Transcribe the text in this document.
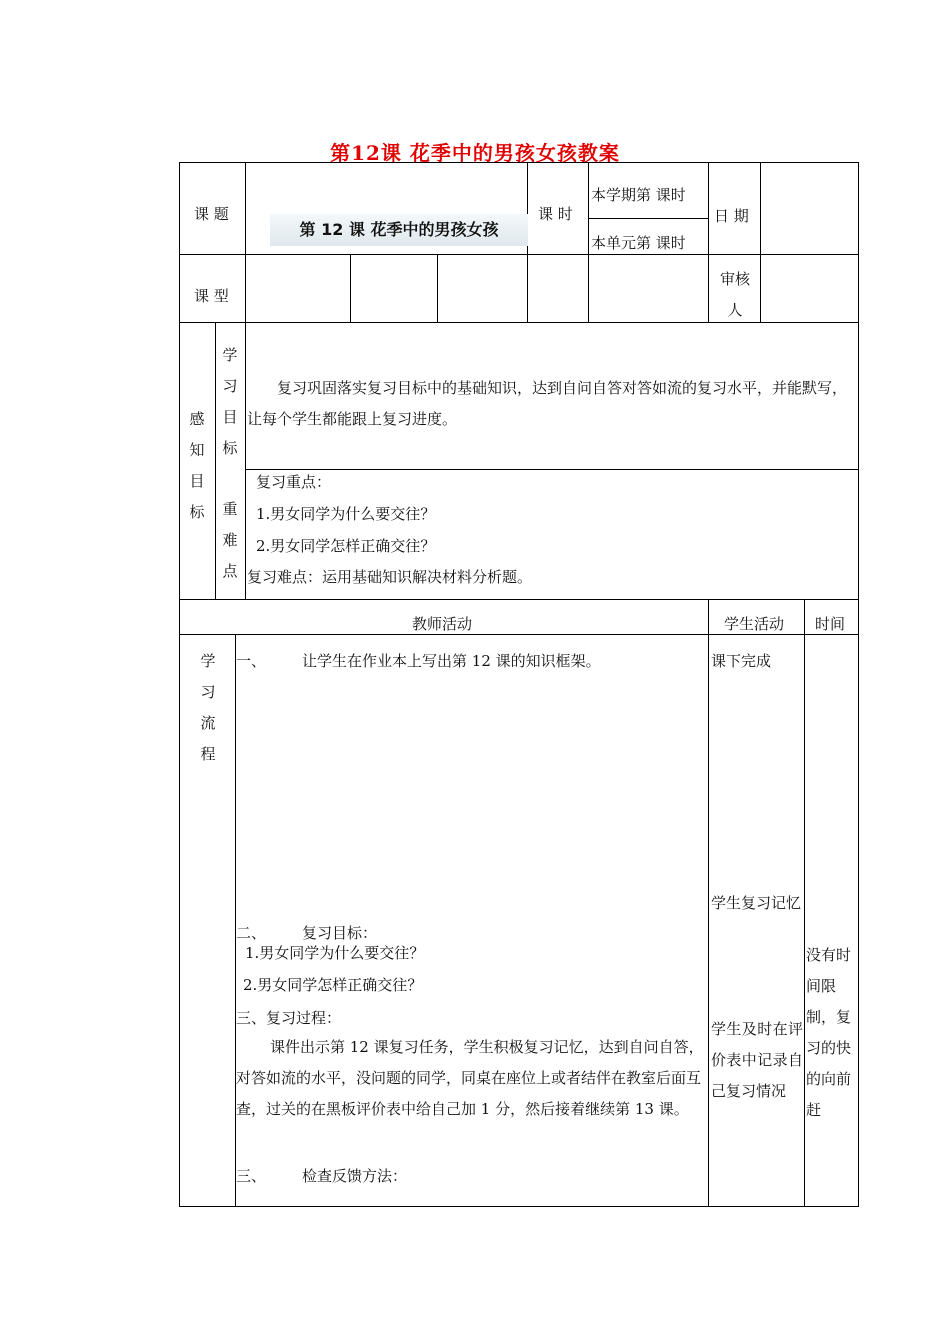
第12课 花季中的男孩女孩教案
课 题
第 12 课 花季中的男孩女孩
课 时
本学期第 课时
本单元第 课时
日 期
课 型
审核人
感知目标
学习目标
复习巩固落实复习目标中的基础知识，达到自问自答对答如流的复习水平，并能默写，让每个学生都能跟上复习进度。
重难点
复习重点：
1.男女同学为什么要交往？
2.男女同学怎样正确交往？
复习难点：运用基础知识解决材料分析题。
教师活动	学生活动 时间
学习流程
一、 让学生在作业本上写出第 12 课的知识框架。
二、 复习目标：
1.男女同学为什么要交往？
2.男女同学怎样正确交往？
三、复习过程：
课件出示第 12 课复习任务，学生积极复习记忆，达到自问自答，对答如流的水平，没问题的同学，同桌在座位上或者结伴在教室后面互查，过关的在黑板评价表中给自己加 1 分，然后接着继续第 13 课。
三、 检查反馈方法：
课下完成
学生复习记忆
学生及时在评价表中记录自己复习情况
没有时间限制，复习的快的向前赶
